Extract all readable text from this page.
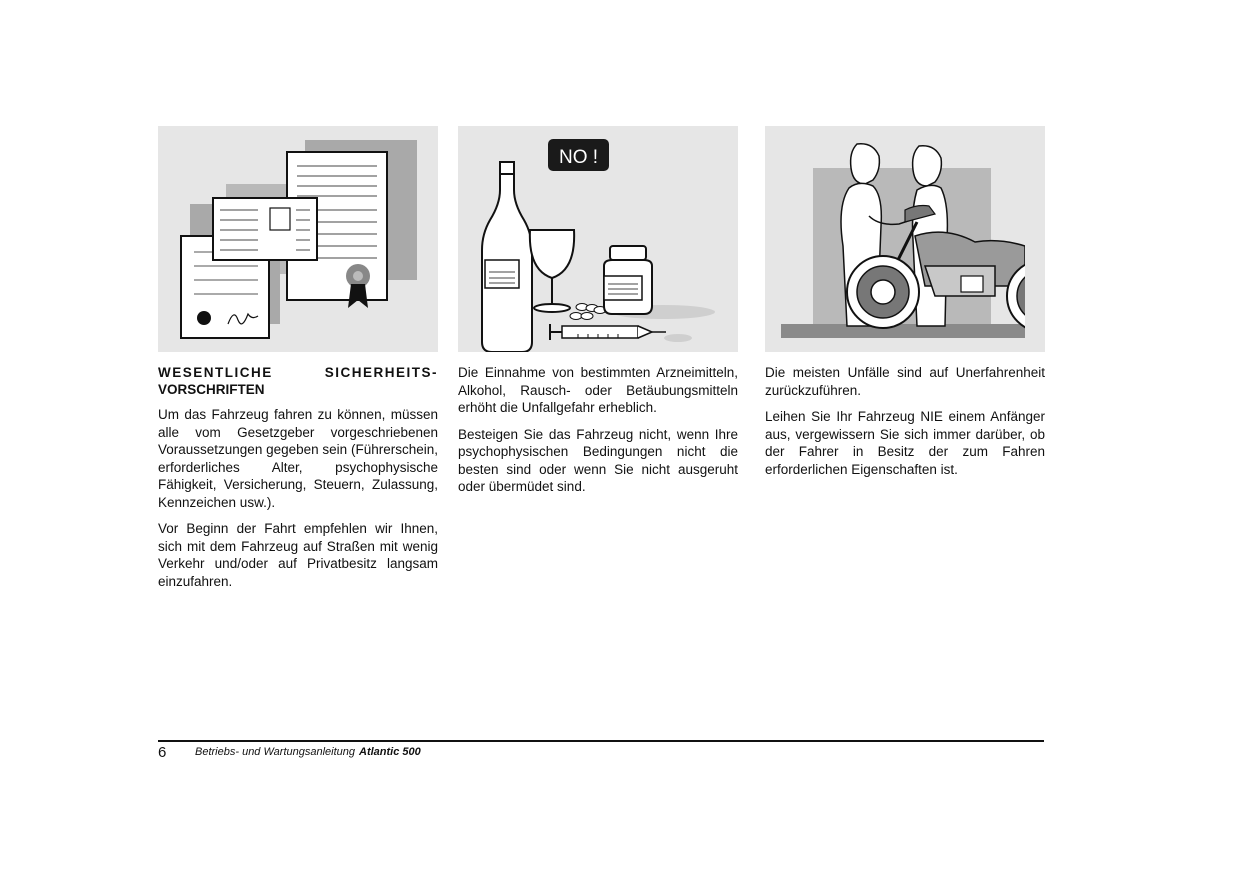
WESENTLICHE	SICHERHEITS-
VORSCHRIFTEN

Um das Fahrzeug fahren zu können, müssen alle vom Gesetzgeber vorgeschriebenen Voraussetzungen gegeben sein (Führerschein, erforderliches Alter, psychophysische Fähigkeit, Versicherung, Steuern, Zulassung, Kennzeichen usw.).

Vor Beginn der Fahrt empfehlen wir Ihnen, sich mit dem Fahrzeug auf Straßen mit wenig Verkehr und/oder auf Privatbesitz langsam einzufahren.

NO !

Die Einnahme von bestimmten Arzneimitteln, Alkohol, Rausch- oder Betäubungsmitteln erhöht die Unfallgefahr erheblich.

Besteigen Sie das Fahrzeug nicht, wenn Ihre psychophysischen Bedingungen nicht die besten sind oder wenn Sie nicht ausgeruht oder übermüdet sind.

Die meisten Unfälle sind auf Unerfahrenheit zurückzuführen.

Leihen Sie Ihr Fahrzeug NIE einem Anfänger aus, vergewissern Sie sich immer darüber, ob der Fahrer in Besitz der zum Fahren erforderlichen Eigenschaften ist.

6	Betriebs- und Wartungsanleitung Atlantic 500
